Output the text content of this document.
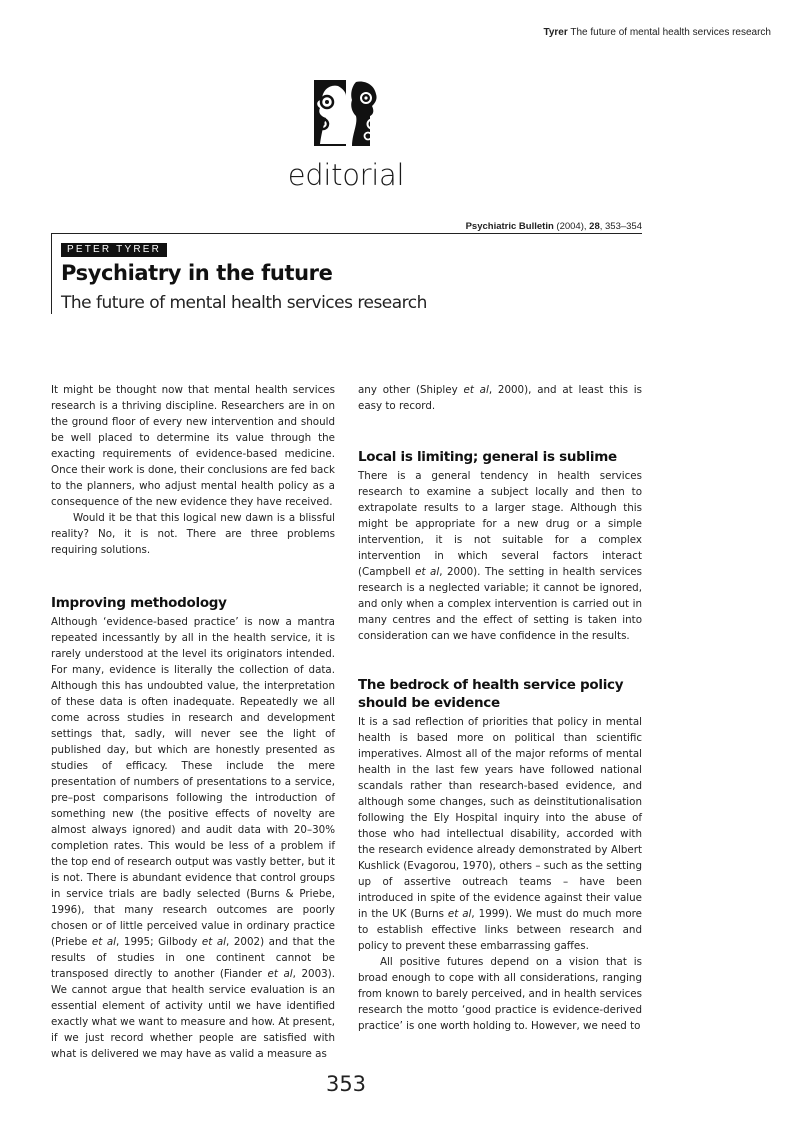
Tyrer The future of mental health services research
editorial
Psychiatric Bulletin (2004), 28, 353–354
PETER TYRER
Psychiatry in the future
The future of mental health services research

It might be thought now that mental health services research is a thriving discipline. Researchers are in on the ground floor of every new intervention and should be well placed to determine its value through the exacting requirements of evidence-based medicine. Once their work is done, their conclusions are fed back to the planners, who adjust mental health policy as a consequence of the new evidence they have received.

Would it be that this logical new dawn is a blissful reality? No, it is not. There are three problems requiring solutions.

Improving methodology

Although ‘evidence-based practice’ is now a mantra repeated incessantly by all in the health service, it is rarely understood at the level its originators intended. For many, evidence is literally the collection of data. Although this has undoubted value, the interpretation of these data is often inadequate. Repeatedly we all come across studies in research and development settings that, sadly, will never see the light of published day, but which are honestly presented as studies of efficacy. These include the mere presentation of numbers of presentations to a service, pre–post comparisons following the introduction of something new (the positive effects of novelty are almost always ignored) and audit data with 20–30% completion rates. This would be less of a problem if the top end of research output was vastly better, but it is not. There is abundant evidence that control groups in service trials are badly selected (Burns & Priebe, 1996), that many research outcomes are poorly chosen or of little perceived value in ordinary practice (Priebe et al, 1995; Gilbody et al, 2002) and that the results of studies in one continent cannot be transposed directly to another (Fiander et al, 2003). We cannot argue that health service evaluation is an essential element of activity until we have identified exactly what we want to measure and how. At present, if we just record whether people are satisfied with what is delivered we may have as valid a measure as

any other (Shipley et al, 2000), and at least this is easy to record.

Local is limiting; general is sublime

There is a general tendency in health services research to examine a subject locally and then to extrapolate results to a larger stage. Although this might be appropriate for a new drug or a simple intervention, it is not suitable for a complex intervention in which several factors interact (Campbell et al, 2000). The setting in health services research is a neglected variable; it cannot be ignored, and only when a complex intervention is carried out in many centres and the effect of setting is taken into consideration can we have confidence in the results.

The bedrock of health service policy should be evidence

It is a sad reflection of priorities that policy in mental health is based more on political than scientific imperatives. Almost all of the major reforms of mental health in the last few years have followed national scandals rather than research-based evidence, and although some changes, such as deinstitutionalisation following the Ely Hospital inquiry into the abuse of those who had intellectual disability, accorded with the research evidence already demonstrated by Albert Kushlick (Evagorou, 1970), others – such as the setting up of assertive outreach teams – have been introduced in spite of the evidence against their value in the UK (Burns et al, 1999). We must do much more to establish effective links between research and policy to prevent these embarrassing gaffes.

All positive futures depend on a vision that is broad enough to cope with all considerations, ranging from known to barely perceived, and in health services research the motto ‘good practice is evidence-derived practice’ is one worth holding to. However, we need to

353
